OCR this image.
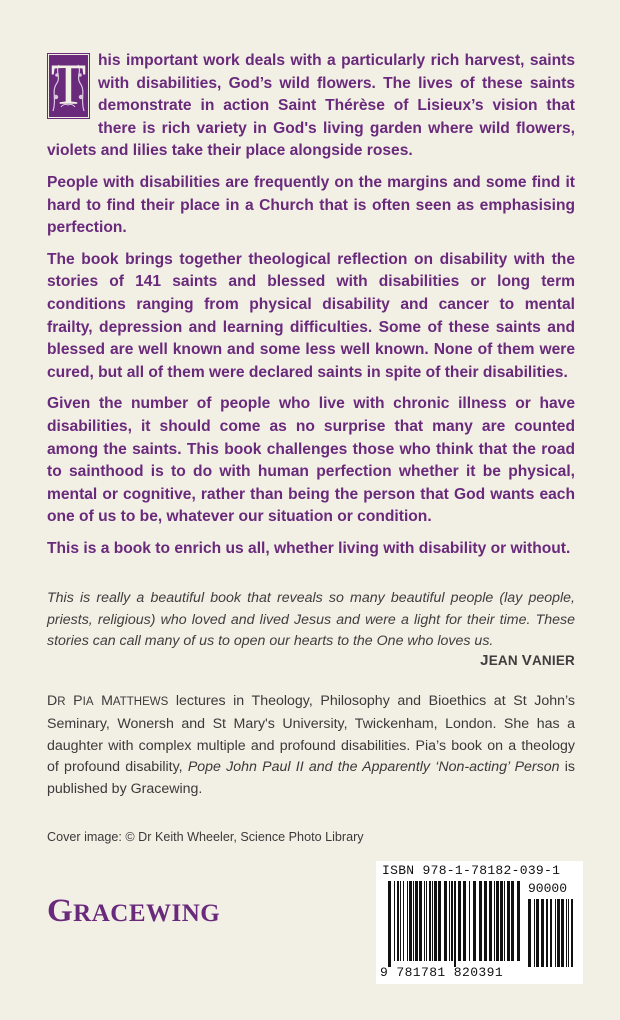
T his important work deals with a particularly rich harvest, saints with disabilities, God’s wild flowers. The lives of these saints demonstrate in action Saint Thérèse of Lisieux’s vision that there is rich variety in God's living garden where wild flowers, violets and lilies take their place alongside roses.

People with disabilities are frequently on the margins and some find it hard to find their place in a Church that is often seen as emphasising perfection.

The book brings together theological reflection on disability with the stories of 141 saints and blessed with disabilities or long term conditions ranging from physical disability and cancer to mental frailty, depression and learning difficulties. Some of these saints and blessed are well known and some less well known. None of them were cured, but all of them were declared saints in spite of their disabilities.

Given the number of people who live with chronic illness or have disabilities, it should come as no surprise that many are counted among the saints. This book challenges those who think that the road to sainthood is to do with human perfection whether it be physical, mental or cognitive, rather than being the person that God wants each one of us to be, whatever our situation or condition.

This is a book to enrich us all, whether living with disability or without.

This is really a beautiful book that reveals so many beautiful people (lay people, priests, religious) who loved and lived Jesus and were a light for their time. These stories can call many of us to open our hearts to the One who loves us.
JEAN VANIER
DR PIA MATTHEWS lectures in Theology, Philosophy and Bioethics at St John’s Seminary, Wonersh and St Mary's University, Twickenham, London. She has a daughter with complex multiple and profound disabilities. Pia’s book on a theology of profound disability, Pope John Paul II and the Apparently ‘Non-acting’ Person is published by Gracewing.
Cover image: © Dr Keith Wheeler, Science Photo Library
GRACEWING
ISBN 978-1-78182-039-1
90000
9 781781 820391
